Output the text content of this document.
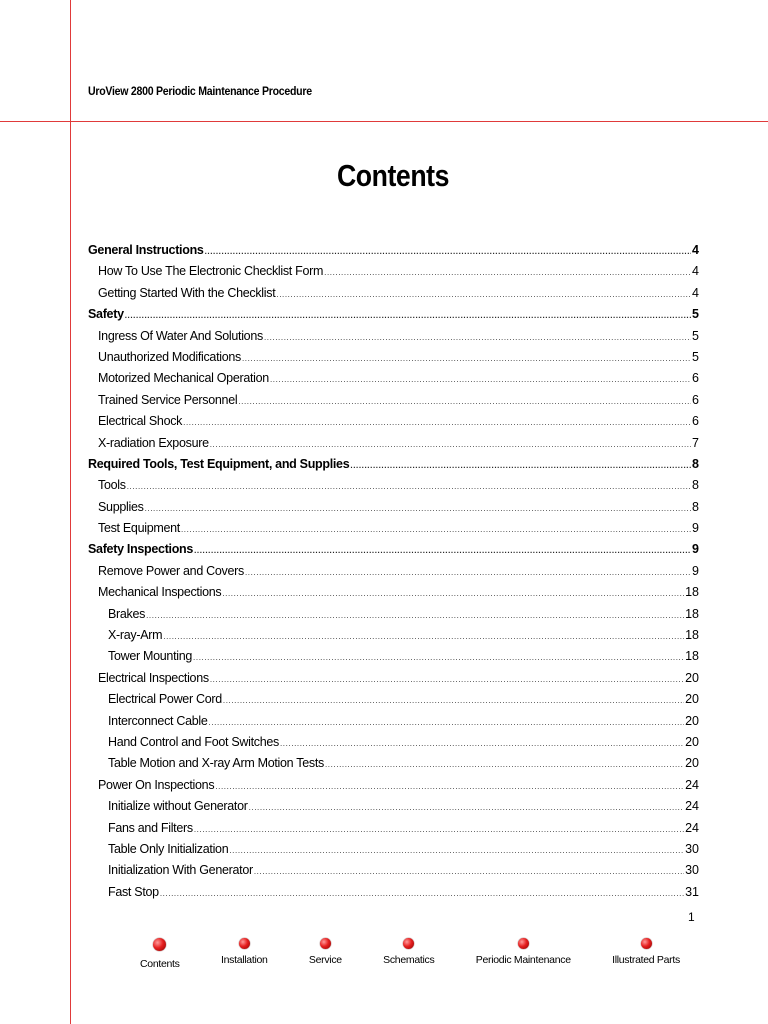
UroView 2800 Periodic Maintenance Procedure
Contents
General Instructions .....	4
How To Use The Electronic Checklist Form .....	4
Getting Started With the Checklist .....	4
Safety .....	5
Ingress Of Water And Solutions .....	5
Unauthorized Modifications .....	5
Motorized Mechanical Operation .....	6
Trained Service Personnel .....	6
Electrical Shock .....	6
X-radiation Exposure .....	7
Required Tools, Test Equipment, and Supplies .....	8
Tools .....	8
Supplies .....	8
Test Equipment .....	9
Safety Inspections .....	9
Remove Power and Covers .....	9
Mechanical Inspections .....	18
Brakes .....	18
X-ray-Arm .....	18
Tower Mounting .....	18
Electrical Inspections .....	20
Electrical Power Cord .....	20
Interconnect Cable .....	20
Hand Control and Foot Switches .....	20
Table Motion and X-ray Arm Motion Tests .....	20
Power On Inspections .....	24
Initialize without Generator .....	24
Fans and Filters .....	24
Table Only Initialization .....	30
Initialization With Generator .....	30
Fast Stop .....	31
1
Contents	Installation	Service	Schematics	Periodic Maintenance	Illustrated Parts
